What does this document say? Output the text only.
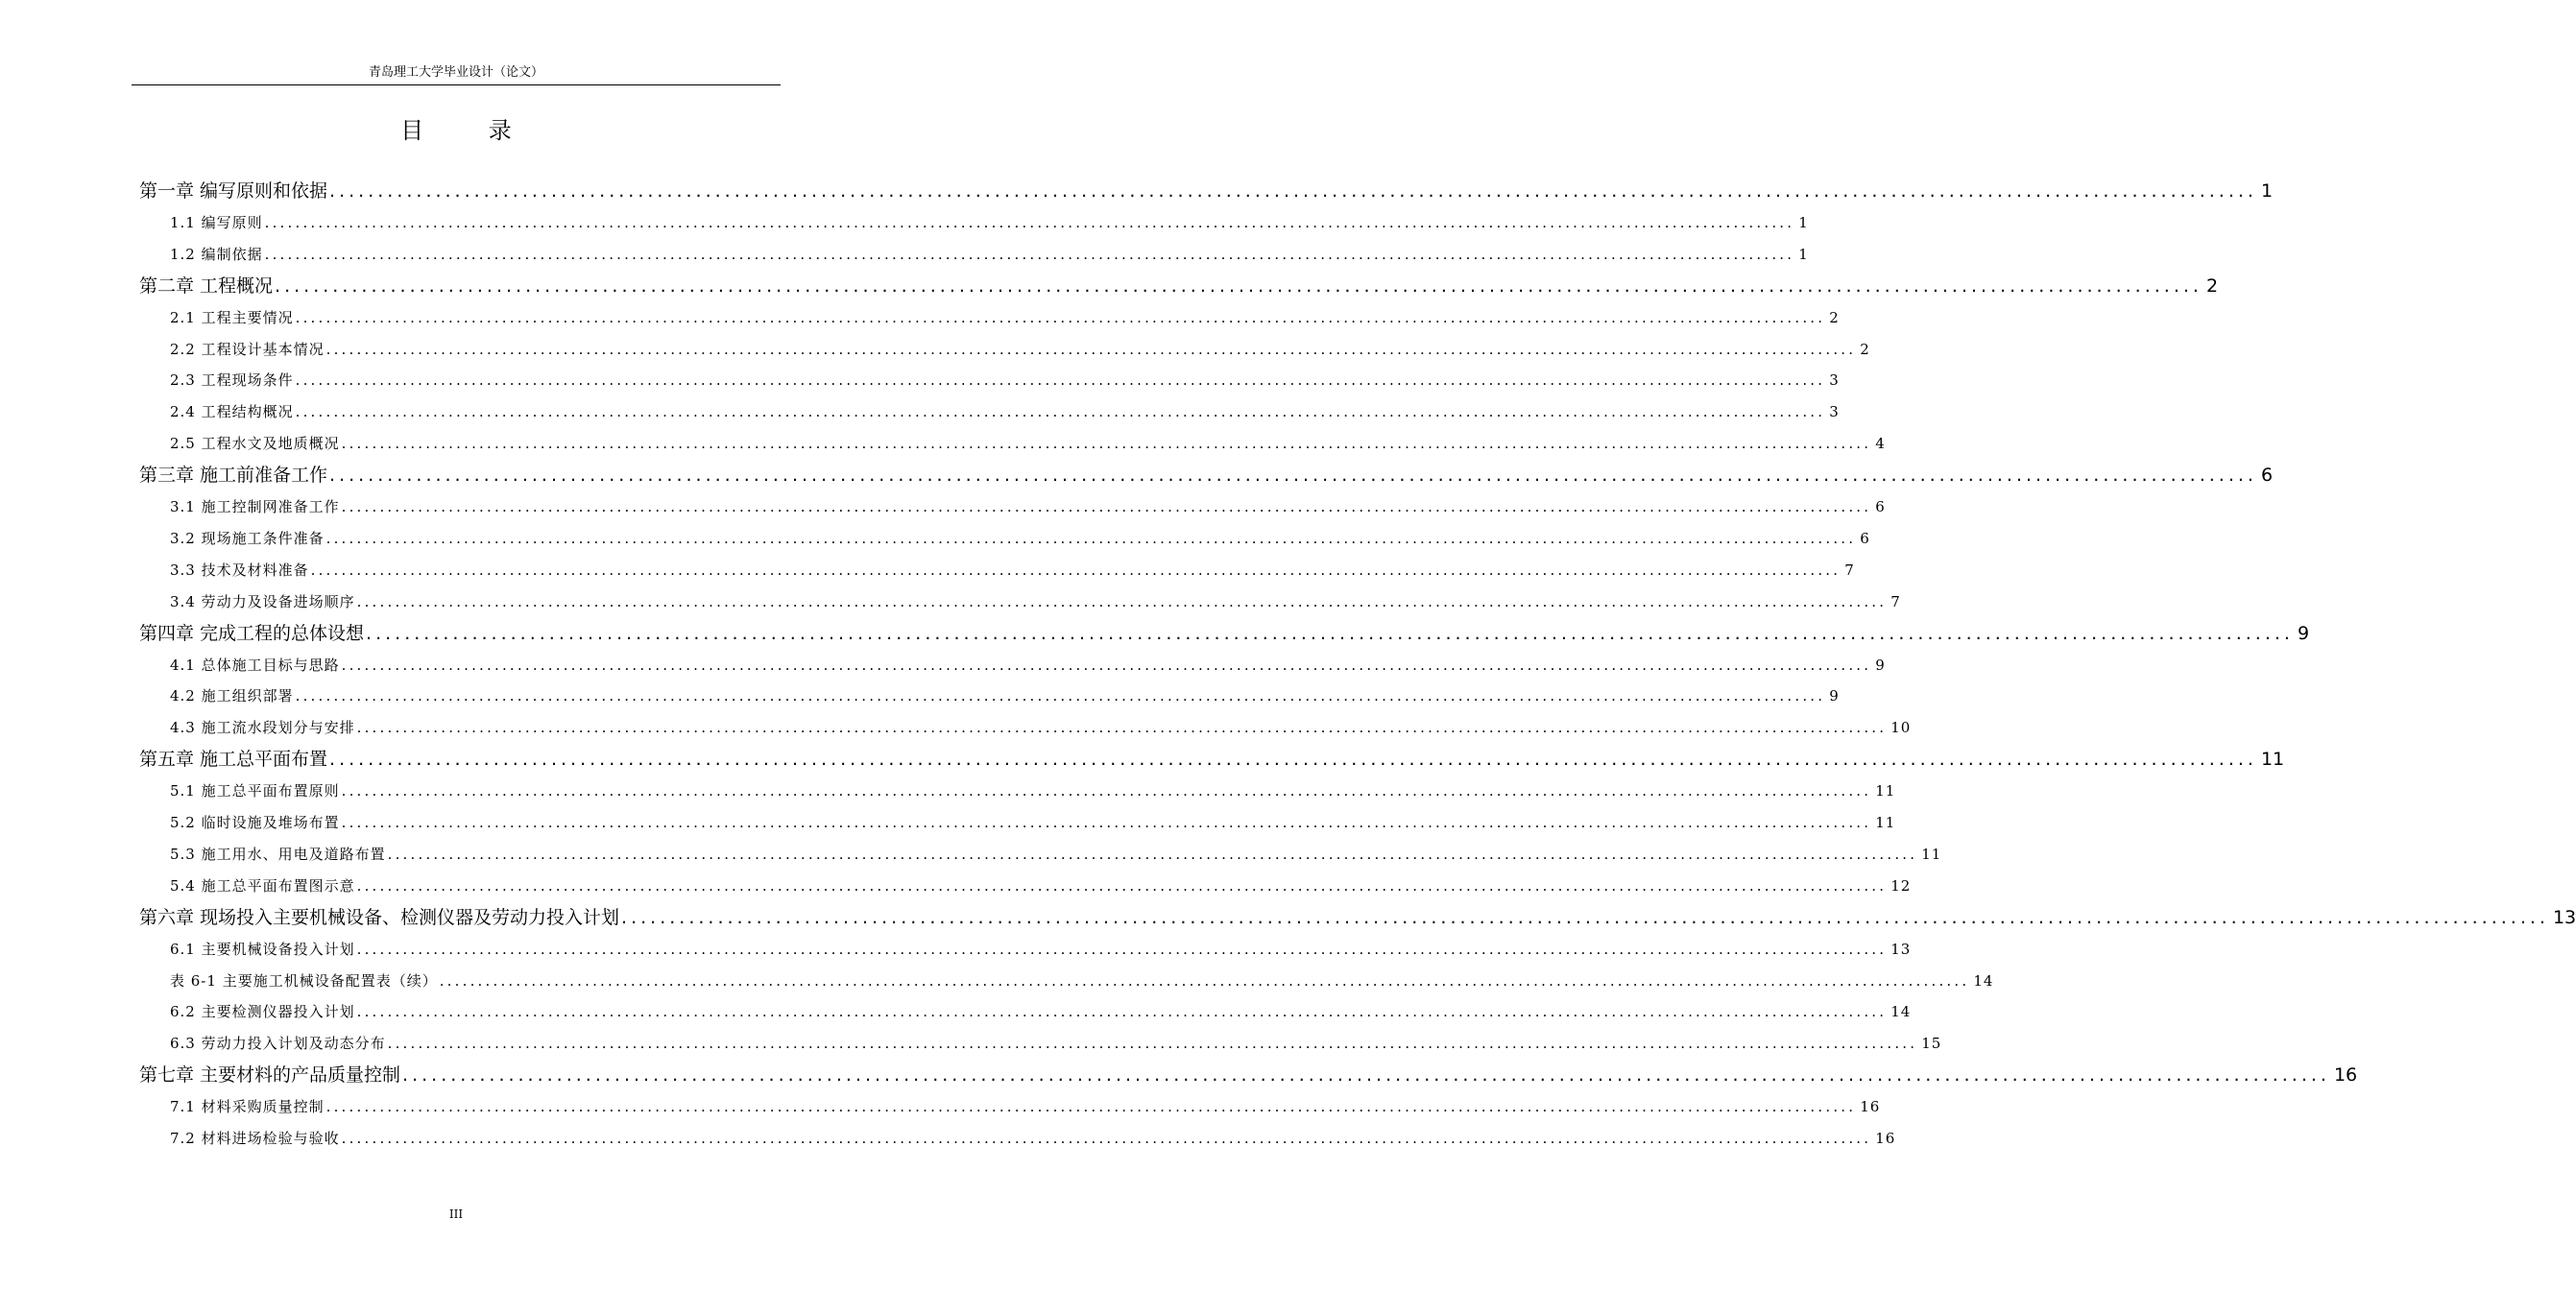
青岛理工大学毕业设计（论文）
目 录
第一章 编写原则和依据 ........................................................................................................................................................................................................ 1
1.1 编写原则 ........................................................................................................................................................................................................ 1
1.2 编制依据 ........................................................................................................................................................................................................ 1
第二章 工程概况 ........................................................................................................................................................................................................ 2
2.1 工程主要情况 ........................................................................................................................................................................................................ 2
2.2 工程设计基本情况 ........................................................................................................................................................................................................ 2
2.3 工程现场条件 ........................................................................................................................................................................................................ 3
2.4 工程结构概况 ........................................................................................................................................................................................................ 3
2.5 工程水文及地质概况 ........................................................................................................................................................................................................ 4
第三章 施工前准备工作 ........................................................................................................................................................................................................ 6
3.1 施工控制网准备工作 ........................................................................................................................................................................................................ 6
3.2 现场施工条件准备 ........................................................................................................................................................................................................ 6
3.3 技术及材料准备 ........................................................................................................................................................................................................ 7
3.4 劳动力及设备进场顺序 ........................................................................................................................................................................................................ 7
第四章 完成工程的总体设想 ........................................................................................................................................................................................................ 9
4.1 总体施工目标与思路 ........................................................................................................................................................................................................ 9
4.2 施工组织部署 ........................................................................................................................................................................................................ 9
4.3 施工流水段划分与安排 ........................................................................................................................................................................................................ 10
第五章 施工总平面布置 ........................................................................................................................................................................................................ 11
5.1 施工总平面布置原则 ........................................................................................................................................................................................................ 11
5.2 临时设施及堆场布置 ........................................................................................................................................................................................................ 11
5.3 施工用水、用电及道路布置 ........................................................................................................................................................................................................ 11
5.4 施工总平面布置图示意 ........................................................................................................................................................................................................ 12
第六章 现场投入主要机械设备、检测仪器及劳动力投入计划 ........................................................................................................................................................................................................ 13
6.1 主要机械设备投入计划 ........................................................................................................................................................................................................ 13
表 6-1 主要施工机械设备配置表（续） ........................................................................................................................................................................................................ 14
6.2 主要检测仪器投入计划 ........................................................................................................................................................................................................ 14
6.3 劳动力投入计划及动态分布 ........................................................................................................................................................................................................ 15
第七章 主要材料的产品质量控制 ........................................................................................................................................................................................................ 16
7.1 材料采购质量控制 ........................................................................................................................................................................................................ 16
7.2 材料进场检验与验收 ........................................................................................................................................................................................................ 16
III
